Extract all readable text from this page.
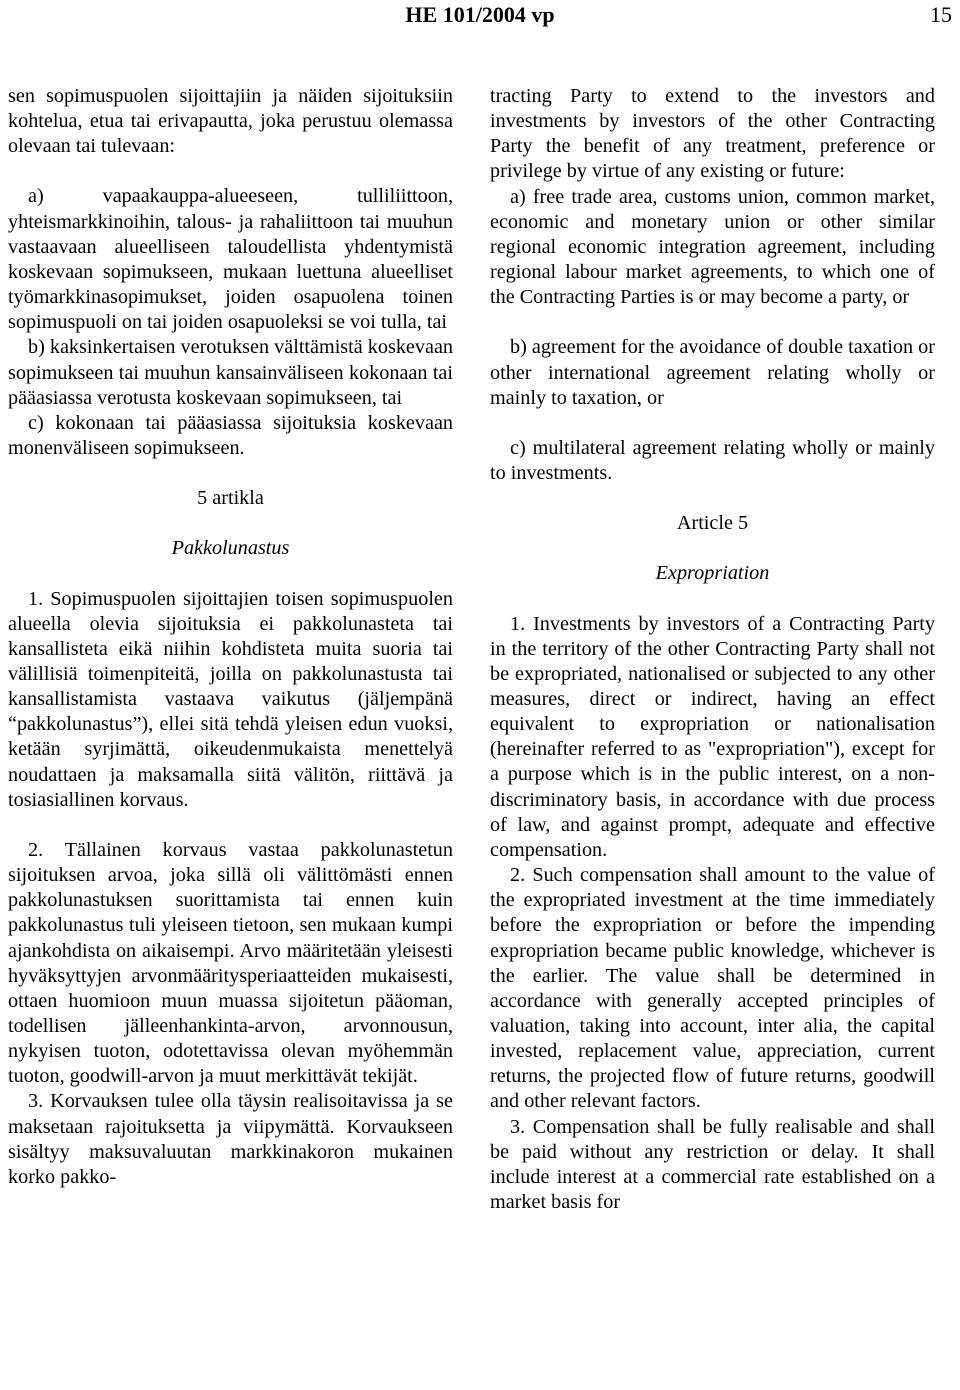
HE 101/2004 vp	15

sen sopimuspuolen sijoittajiin ja näiden sijoituksiin kohtelua, etua tai erivapautta, joka perustuu olemassa olevaan tai tulevaan:

a) vapaakauppa-alueeseen, tulliliittoon, yhteismarkkinoihin, talous- ja rahaliittoon tai muuhun vastaavaan alueelliseen taloudellista yhdentymistä koskevaan sopimukseen, mukaan luettuna alueelliset työmarkkinasopimukset, joiden osapuolena toinen sopimuspuoli on tai joiden osapuoleksi se voi tulla, tai

b) kaksinkertaisen verotuksen välttämistä koskevaan sopimukseen tai muuhun kansainväliseen kokonaan tai pääasiassa verotusta koskevaan sopimukseen, tai

c) kokonaan tai pääasiassa sijoituksia koskevaan monenväliseen sopimukseen.

5 artikla

Pakkolunastus

1. Sopimuspuolen sijoittajien toisen sopimuspuolen alueella olevia sijoituksia ei pakkolunasteta tai kansallisteta eikä niihin kohdisteta muita suoria tai välillisiä toimenpiteitä, joilla on pakkolunastusta tai kansallistamista vastaava vaikutus (jäljempänä “pakkolunastus”), ellei sitä tehdä yleisen edun vuoksi, ketään syrjimättä, oikeudenmukaista menettelyä noudattaen ja maksamalla siitä välitön, riittävä ja tosiasiallinen korvaus.

2. Tällainen korvaus vastaa pakkolunastetun sijoituksen arvoa, joka sillä oli välittömästi ennen pakkolunastuksen suorittamista tai ennen kuin pakkolunastus tuli yleiseen tietoon, sen mukaan kumpi ajankohdista on aikaisempi. Arvo määritetään yleisesti hyväksyttyjen arvonmääritysperiaatteiden mukaisesti, ottaen huomioon muun muassa sijoitetun pääoman, todellisen jälleenhankinta-arvon, arvonnousun, nykyisen tuoton, odotettavissa olevan myöhemmän tuoton, goodwill-arvon ja muut merkittävät tekijät.

3. Korvauksen tulee olla täysin realisoitavissa ja se maksetaan rajoituksetta ja viipymättä. Korvaukseen sisältyy maksuvaluutan markkinakoron mukainen korko pakko-

tracting Party to extend to the investors and investments by investors of the other Contracting Party the benefit of any treatment, preference or privilege by virtue of any existing or future:

a) free trade area, customs union, common market, economic and monetary union or other similar regional economic integration agreement, including regional labour market agreements, to which one of the Contracting Parties is or may become a party, or

b) agreement for the avoidance of double taxation or other international agreement relating wholly or mainly to taxation, or

c) multilateral agreement relating wholly or mainly to investments.

Article 5

Expropriation

1. Investments by investors of a Contracting Party in the territory of the other Contracting Party shall not be expropriated, nationalised or subjected to any other measures, direct or indirect, having an effect equivalent to expropriation or nationalisation (hereinafter referred to as "expropriation"), except for a purpose which is in the public interest, on a non-discriminatory basis, in accordance with due process of law, and against prompt, adequate and effective compensation.

2. Such compensation shall amount to the value of the expropriated investment at the time immediately before the expropriation or before the impending expropriation became public knowledge, whichever is the earlier. The value shall be determined in accordance with generally accepted principles of valuation, taking into account, inter alia, the capital invested, replacement value, appreciation, current returns, the projected flow of future returns, goodwill and other relevant factors.

3. Compensation shall be fully realisable and shall be paid without any restriction or delay. It shall include interest at a commercial rate established on a market basis for
